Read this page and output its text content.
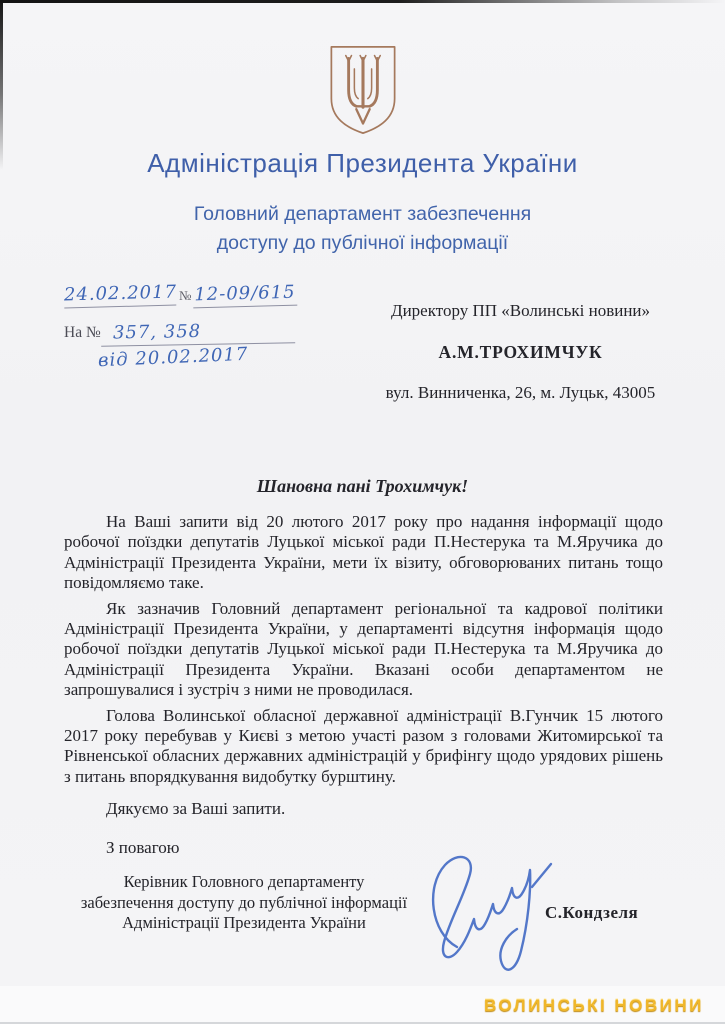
Адміністрація Президента України
Головний департамент забезпечення
доступу до публічної інформації
24.02.2017 № 12-09/615
На № 357, 358
від 20.02.2017
Директору ПП «Волинські новини»
А.М.ТРОХИМЧУК
вул. Винниченка, 26, м. Луцьк, 43005
Шановна пані Трохимчук!

На Ваші запити від 20 лютого 2017 року про надання інформації щодо робочої поїздки депутатів Луцької міської ради П.Нестерука та М.Яручика до Адміністрації Президента України, мети їх візиту, обговорюваних питань тощо повідомляємо таке.

Як зазначив Головний департамент регіональної та кадрової політики Адміністрації Президента України, у департаменті відсутня інформація щодо робочої поїздки депутатів Луцької міської ради П.Нестерука та М.Яручика до Адміністрації Президента України. Вказані особи департаментом не запрошувалися і зустріч з ними не проводилася.

Голова Волинської обласної державної адміністрації В.Гунчик 15 лютого 2017 року перебував у Києві з метою участі разом з головами Житомирської та Рівненської обласних державних адміністрацій у брифінгу щодо урядових рішень з питань впорядкування видобутку бурштину.

Дякуємо за Ваші запити.

З повагою

Керівник Головного департаменту
забезпечення доступу до публічної інформації
Адміністрації Президента України
С.Кондзеля
ВОЛИНСЬКІ НОВИНИ
